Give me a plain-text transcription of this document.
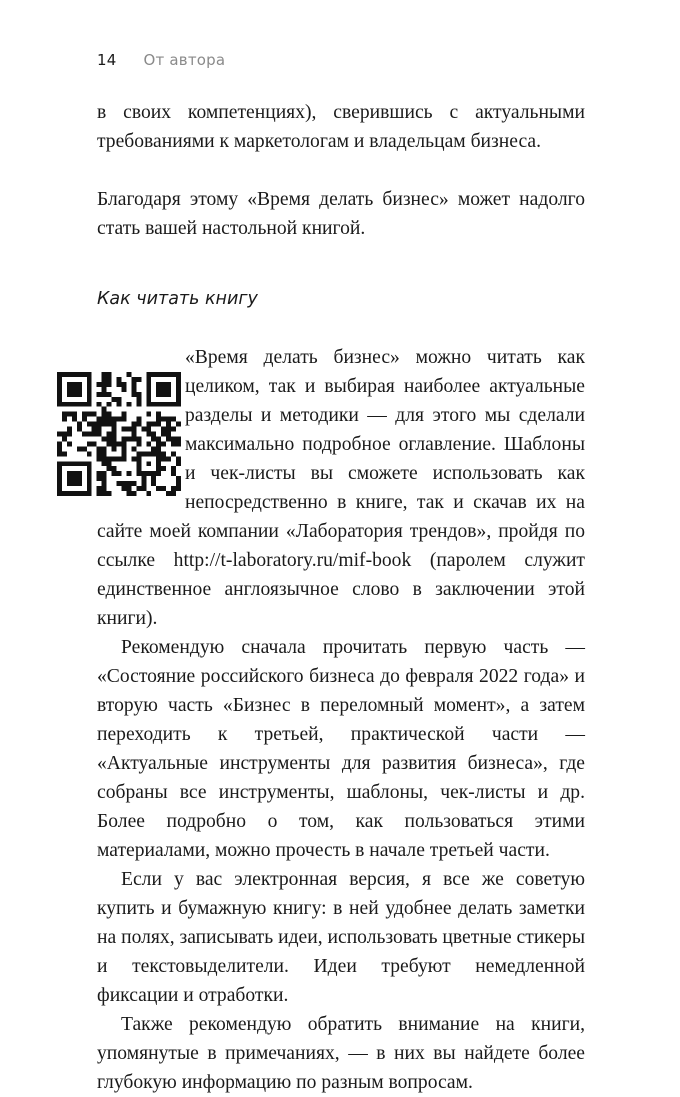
14 От автора

в своих компетенциях), сверившись с актуальными требованиями к маркетологам и владельцам бизнеса.

Благодаря этому «Время делать бизнес» может надолго стать вашей настольной книгой.

Как читать книгу

«Время делать бизнес» можно читать как целиком, так и выбирая наиболее актуальные разделы и методики — для этого мы сделали максимально подробное оглавление. Шаблоны и чек-листы вы сможете использовать как непосредственно в книге, так и скачав их на сайте моей компании «Лаборатория трендов», пройдя по ссылке http://t-laboratory.ru/mif-book (паролем служит единственное англоязычное слово в заключении этой книги).

Рекомендую сначала прочитать первую часть — «Состояние российского бизнеса до февраля 2022 года» и вторую часть «Бизнес в переломный момент», а затем переходить к третьей, практической части — «Актуальные инструменты для развития бизнеса», где собраны все инструменты, шаблоны, чек-листы и др. Более подробно о том, как пользоваться этими материалами, можно прочесть в начале третьей части.

Если у вас электронная версия, я все же советую купить и бумажную книгу: в ней удобнее делать заметки на полях, записывать идеи, использовать цветные стикеры и текстовыделители. Идеи требуют немедленной фиксации и отработки.

Также рекомендую обратить внимание на книги, упомянутые в примечаниях, — в них вы найдете более глубокую информацию по разным вопросам.
